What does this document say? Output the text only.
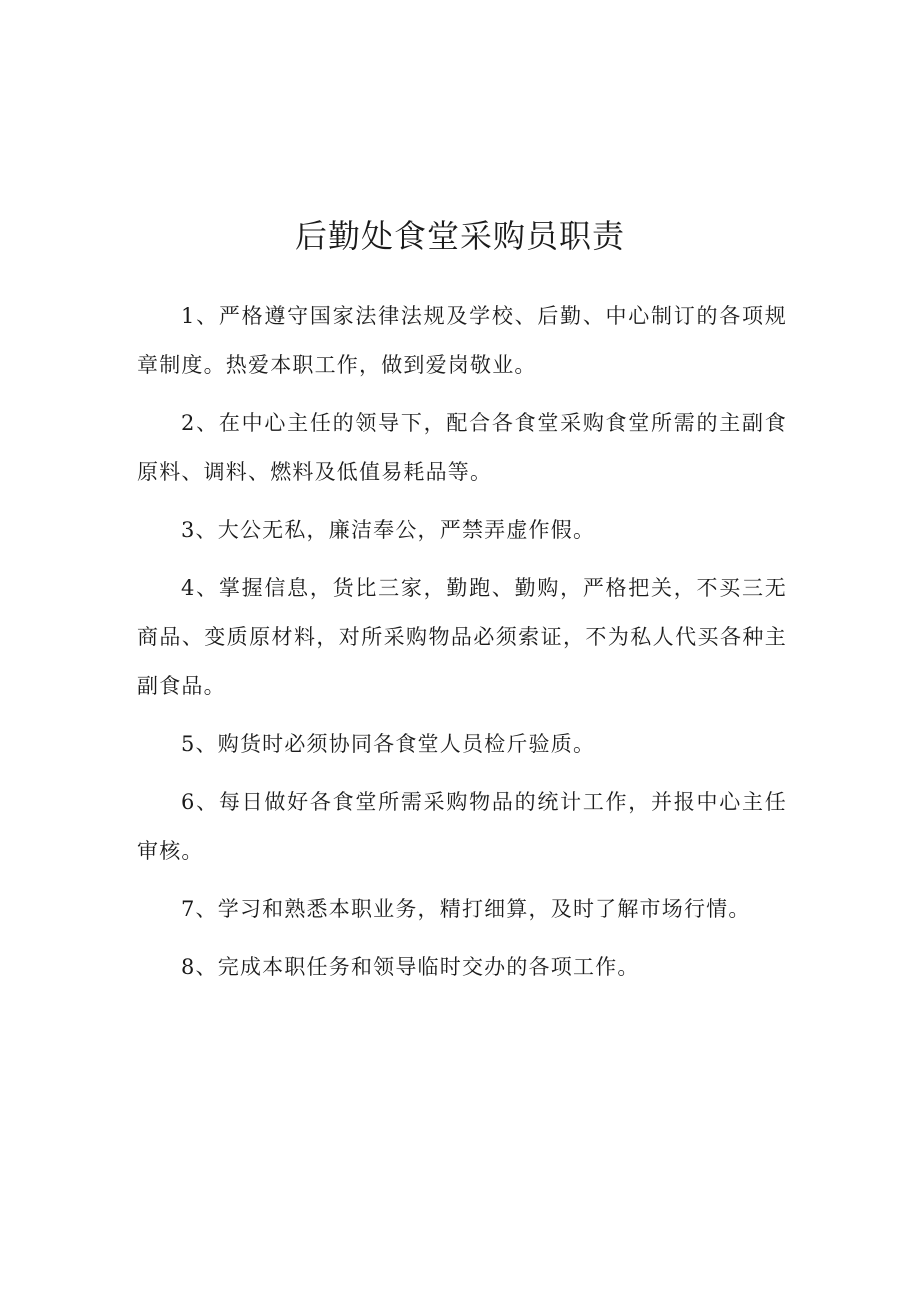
后勤处食堂采购员职责

1、严格遵守国家法律法规及学校、后勤、中心制订的各项规章制度。热爱本职工作，做到爱岗敬业。

2、在中心主任的领导下，配合各食堂采购食堂所需的主副食原料、调料、燃料及低值易耗品等。

3、大公无私，廉洁奉公，严禁弄虚作假。

4、掌握信息，货比三家，勤跑、勤购，严格把关，不买三无商品、变质原材料，对所采购物品必须索证，不为私人代买各种主副食品。

5、购货时必须协同各食堂人员检斤验质。

6、每日做好各食堂所需采购物品的统计工作，并报中心主任审核。

7、学习和熟悉本职业务，精打细算，及时了解市场行情。

8、完成本职任务和领导临时交办的各项工作。
